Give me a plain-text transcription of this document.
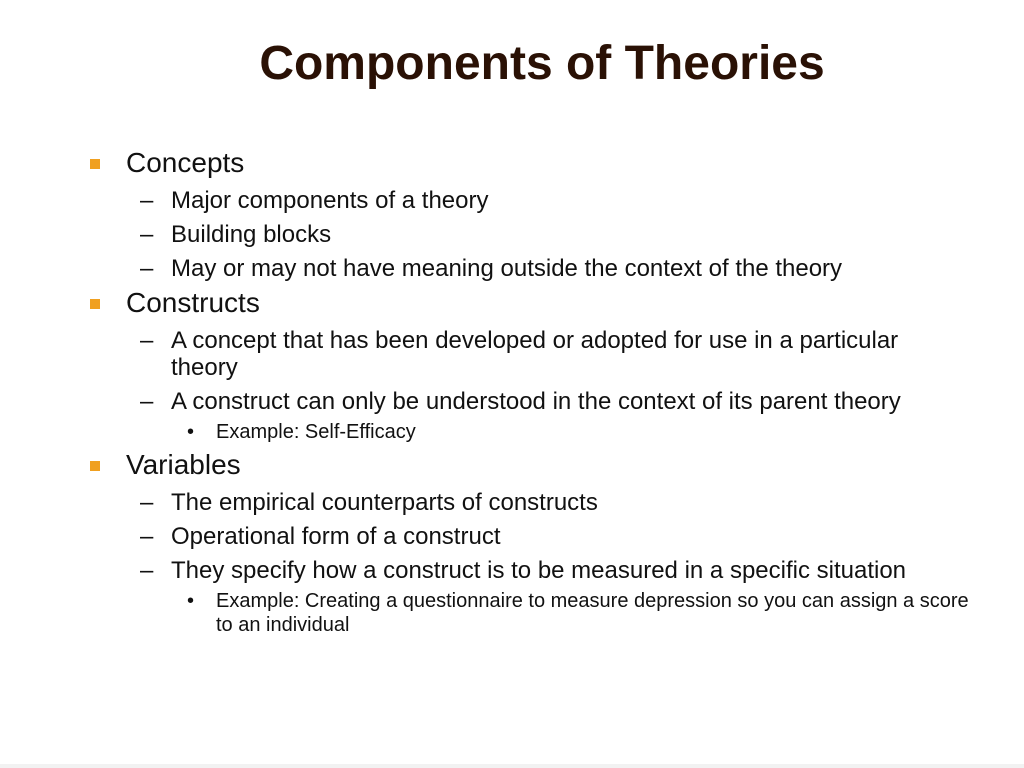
Components of Theories
Concepts
– Major components of a theory
– Building blocks
– May or may not have meaning outside the context of the theory
Constructs
– A concept that has been developed or adopted for use in a particular theory
– A construct can only be understood in the context of its parent theory
• Example: Self-Efficacy
Variables
– The empirical counterparts of constructs
– Operational form of a construct
– They specify how a construct is to be measured in a specific situation
• Example: Creating a questionnaire to measure depression so you can assign a score to an individual
